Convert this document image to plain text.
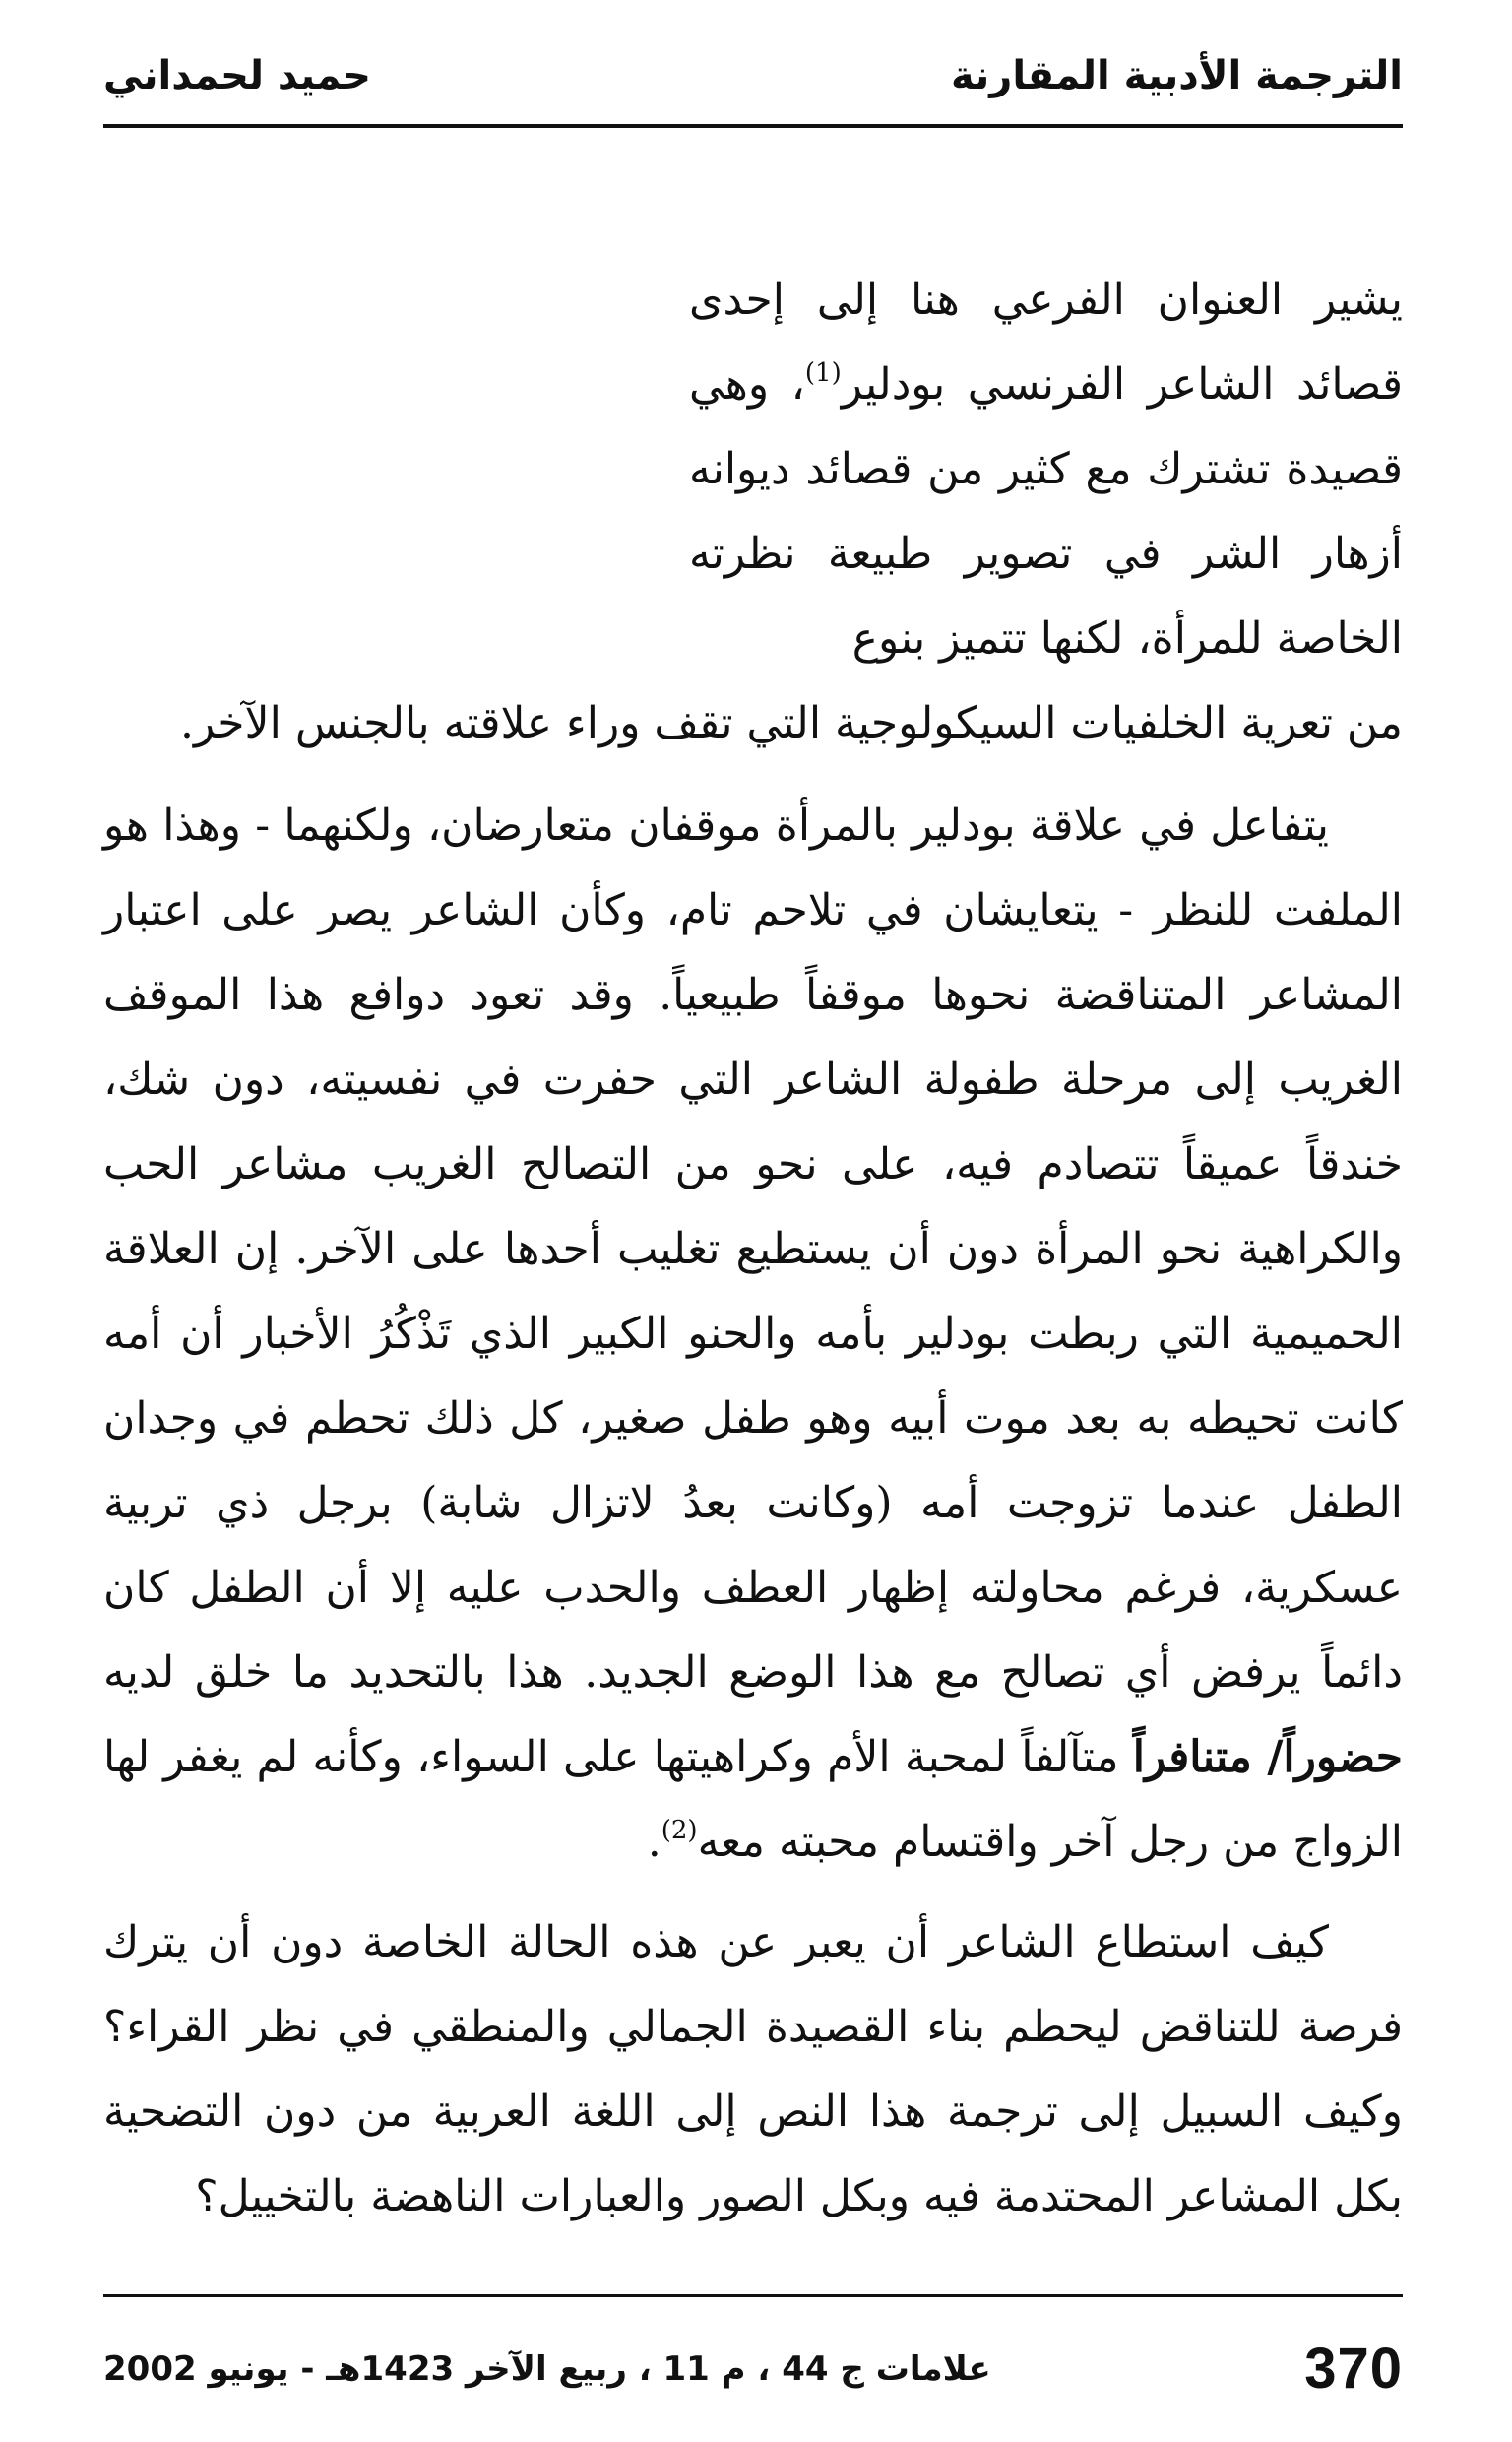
الترجمة الأدبية المقارنة
حميد لحمداني

يشير العنوان الفرعي هنا إلى إحدى قصائد الشاعر الفرنسي بودلير$^{(1)}$، وهي قصيدة تشترك مع كثير من قصائد ديوانه أزهار الشر في تصوير طبيعة نظرته الخاصة للمرأة، لكنها تتميز بنوع
من تعرية الخلفيات السيكولوجية التي تقف وراء علاقته بالجنس الآخر.

يتفاعل في علاقة بودلير بالمرأة موقفان متعارضان، ولكنهما - وهذا هو الملفت للنظر - يتعايشان في تلاحم تام، وكأن الشاعر يصر على اعتبار المشاعر المتناقضة نحوها موقفاً طبيعياً. وقد تعود دوافع هذا الموقف الغريب إلى مرحلة طفولة الشاعر التي حفرت في نفسيته، دون شك، خندقاً عميقاً تتصادم فيه، على نحو من التصالح الغريب مشاعر الحب والكراهية نحو المرأة دون أن يستطيع تغليب أحدها على الآخر. إن العلاقة الحميمية التي ربطت بودلير بأمه والحنو الكبير الذي تَذْكُرُ الأخبار أن أمه كانت تحيطه به بعد موت أبيه وهو طفل صغير، كل ذلك تحطم في وجدان الطفل عندما تزوجت أمه (وكانت بعدُ لاتزال شابة) برجل ذي تربية عسكرية، فرغم محاولته إظهار العطف والحدب عليه إلا أن الطفل كان دائماً يرفض أي تصالح مع هذا الوضع الجديد. هذا بالتحديد ما خلق لديه حضوراً/ متنافراً متآلفاً لمحبة الأم وكراهيتها على السواء، وكأنه لم يغفر لها الزواج من رجل آخر واقتسام محبته معه$^{(2)}$.

كيف استطاع الشاعر أن يعبر عن هذه الحالة الخاصة دون أن يترك فرصة للتناقض ليحطم بناء القصيدة الجمالي والمنطقي في نظر القراء؟ وكيف السبيل إلى ترجمة هذا النص إلى اللغة العربية من دون التضحية بكل المشاعر المحتدمة فيه وبكل الصور والعبارات الناهضة بالتخييل؟

370
علامات ج 44 ، م 11 ، ربيع الآخر 1423هـ - يونيو 2002
